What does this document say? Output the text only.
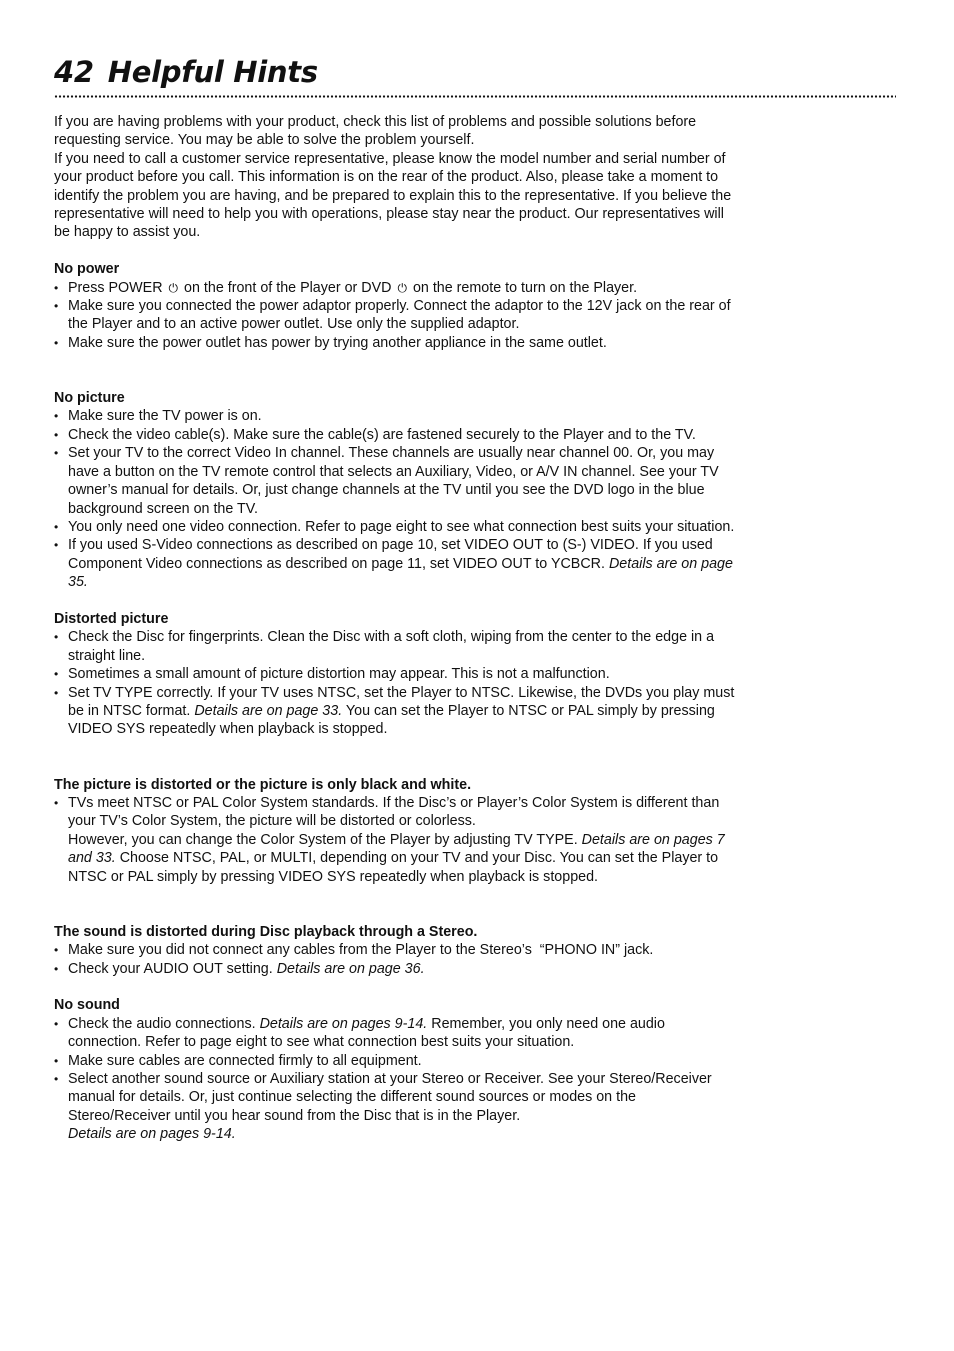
42 Helpful Hints

If you are having problems with your product, check this list of problems and possible solutions before requesting service. You may be able to solve the problem yourself.

If you need to call a customer service representative, please know the model number and serial number of your product before you call. This information is on the rear of the product. Also, please take a moment to identify the problem you are having, and be prepared to explain this to the representative. If you believe the representative will need to help you with operations, please stay near the product. Our representatives will be happy to assist you.

No power

• Press POWER ⏻ on the front of the Player or DVD ⏻ on the remote to turn on the Player.
• Make sure you connected the power adaptor properly. Connect the adaptor to the 12V jack on the rear of the Player and to an active power outlet. Use only the supplied adaptor.
• Make sure the power outlet has power by trying another appliance in the same outlet.

No picture

• Make sure the TV power is on.
• Check the video cable(s). Make sure the cable(s) are fastened securely to the Player and to the TV.
• Set your TV to the correct Video In channel. These channels are usually near channel 00. Or, you may have a button on the TV remote control that selects an Auxiliary, Video, or A/V IN channel. See your TV owner’s manual for details. Or, just change channels at the TV until you see the DVD logo in the blue background screen on the TV.
• You only need one video connection. Refer to page eight to see what connection best suits your situation.
• If you used S-Video connections as described on page 10, set VIDEO OUT to (S-) VIDEO. If you used Component Video connections as described on page 11, set VIDEO OUT to YCBCR. Details are on page 35.

Distorted picture

• Check the Disc for fingerprints. Clean the Disc with a soft cloth, wiping from the center to the edge in a straight line.
• Sometimes a small amount of picture distortion may appear. This is not a malfunction.
• Set TV TYPE correctly. If your TV uses NTSC, set the Player to NTSC. Likewise, the DVDs you play must be in NTSC format. Details are on page 33. You can set the Player to NTSC or PAL simply by pressing VIDEO SYS repeatedly when playback is stopped.

The picture is distorted or the picture is only black and white.

• TVs meet NTSC or PAL Color System standards. If the Disc’s or Player’s Color System is different than your TV’s Color System, the picture will be distorted or colorless.

However, you can change the Color System of the Player by adjusting TV TYPE. Details are on pages 7 and 33. Choose NTSC, PAL, or MULTI, depending on your TV and your Disc. You can set the Player to NTSC or PAL simply by pressing VIDEO SYS repeatedly when playback is stopped.

The sound is distorted during Disc playback through a Stereo.

• Make sure you did not connect any cables from the Player to the Stereo’s  “PHONO IN” jack.
• Check your AUDIO OUT setting. Details are on page 36.

No sound

• Check the audio connections. Details are on pages 9-14. Remember, you only need one audio connection. Refer to page eight to see what connection best suits your situation.
• Make sure cables are connected firmly to all equipment.
• Select another sound source or Auxiliary station at your Stereo or Receiver. See your Stereo/Receiver manual for details. Or, just continue selecting the different sound sources or modes on the Stereo/Receiver until you hear sound from the Disc that is in the Player.

Details are on pages 9-14.
